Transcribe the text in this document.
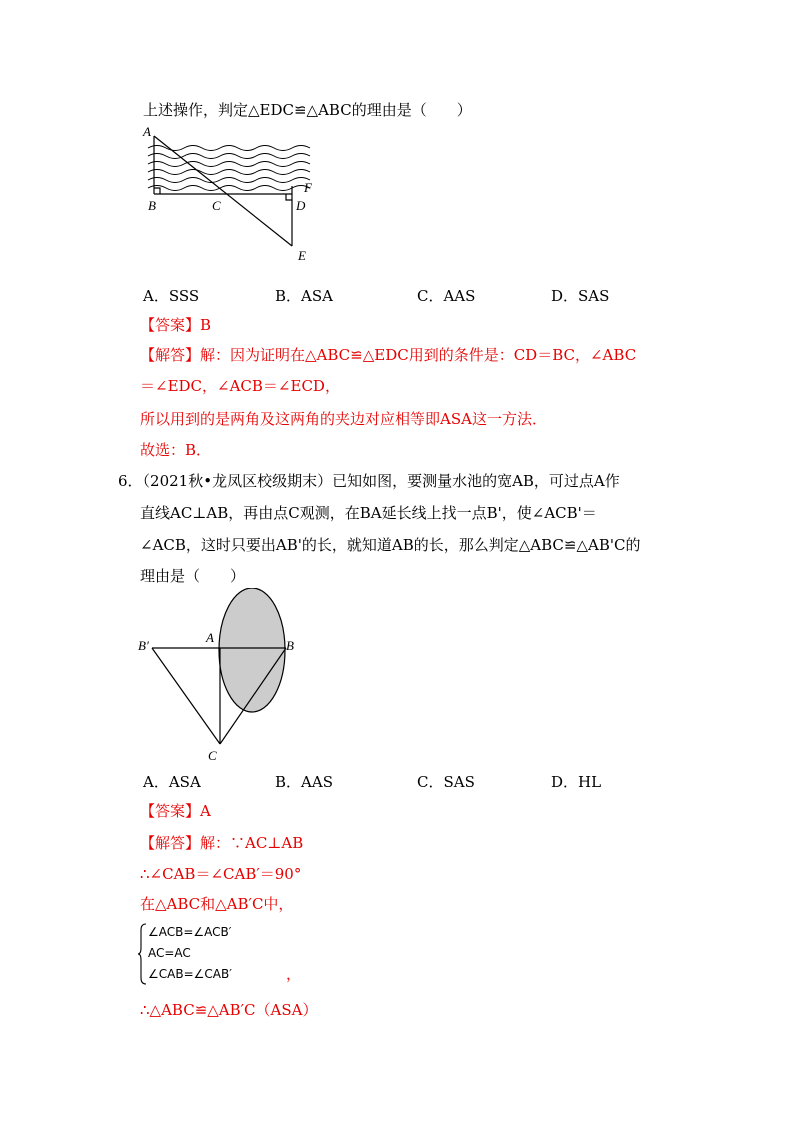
上述操作，判定△EDC≌△ABC的理由是（　　）
A
B	C	D
E
F
A．SSS	B．ASA	C．AAS	D．SAS
【答案】B
【解答】解：因为证明在△ABC≌△EDC用到的条件是：CD＝BC，∠ABC
＝∠EDC，∠ACB＝∠ECD，
所以用到的是两角及这两角的夹边对应相等即ASA这一方法．
故选：B．
6．（2021秋•龙凤区校级期末）已知如图，要测量水池的宽AB，可过点A作
直线AC⊥AB，再由点C观测，在BA延长线上找一点B'，使∠ACB'＝
∠ACB，这时只要出AB'的长，就知道AB的长，那么判定△ABC≌△AB'C的
理由是（　　）
B′
A
B
C
A．ASA	B．AAS	C．SAS	D．HL
【答案】A
【解答】解：∵AC⊥AB
∴∠CAB＝∠CAB′＝90°
在△ABC和△AB′C中，
∠ACB=∠ACB′
AC=AC
∠CAB=∠CAB′	，
∴△ABC≌△AB′C（ASA）
